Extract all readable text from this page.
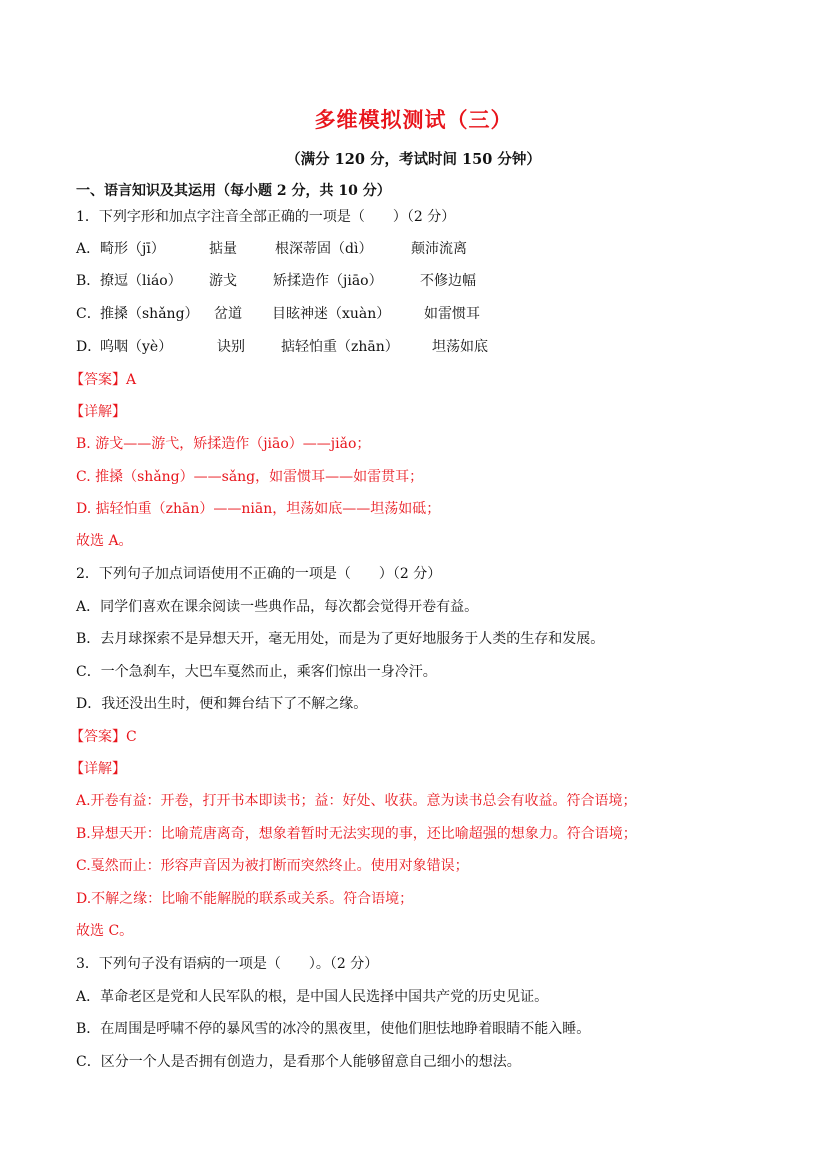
多维模拟测试（三）
（满分 120 分，考试时间 150 分钟）
一、语言知识及其运用（每小题 2 分，共 10 分）
1．下列字形和加点字注音全部正确的一项是（　　）（2 分）
A．畸形（jī）	掂量	根深蒂固（dì）	颠沛流离
B．撩逗（liáo） 游戈	矫揉造作（jiāo）	不修边幅
C．推搡（shǎng） 岔道 目眩神迷（xuàn） 如雷惯耳
D．呜咽（yè）	诀别	掂轻怕重（zhān） 坦荡如底
【答案】A
【详解】
B. 游戈——游弋，矫揉造作（jiāo）——jiǎo；
C. 推搡（shǎng）——sǎng，如雷惯耳——如雷贯耳；
D. 掂轻怕重（zhān）——niān，坦荡如底——坦荡如砥；
故选 A。
2．下列句子加点词语使用不正确的一项是（　　）（2 分）
A．同学们喜欢在课余阅读一些典作品，每次都会觉得开卷有益。
B．去月球探索不是异想天开，毫无用处，而是为了更好地服务于人类的生存和发展。
C．一个急刹车，大巴车戛然而止，乘客们惊出一身冷汗。
D．我还没出生时，便和舞台结下了不解之缘。
【答案】C
【详解】
A.开卷有益：开卷，打开书本即读书；益：好处、收获。意为读书总会有收益。符合语境；
B.异想天开：比喻荒唐离奇，想象着暂时无法实现的事，还比喻超强的想象力。符合语境；
C.戛然而止：形容声音因为被打断而突然终止。使用对象错误；
D.不解之缘：比喻不能解脱的联系或关系。符合语境；
故选 C。
3．下列句子没有语病的一项是（　　）。（2 分）
A．革命老区是党和人民军队的根，是中国人民选择中国共产党的历史见证。
B．在周围是呼啸不停的暴风雪的冰冷的黑夜里，使他们胆怯地睁着眼睛不能入睡。
C．区分一个人是否拥有创造力，是看那个人能够留意自己细小的想法。
